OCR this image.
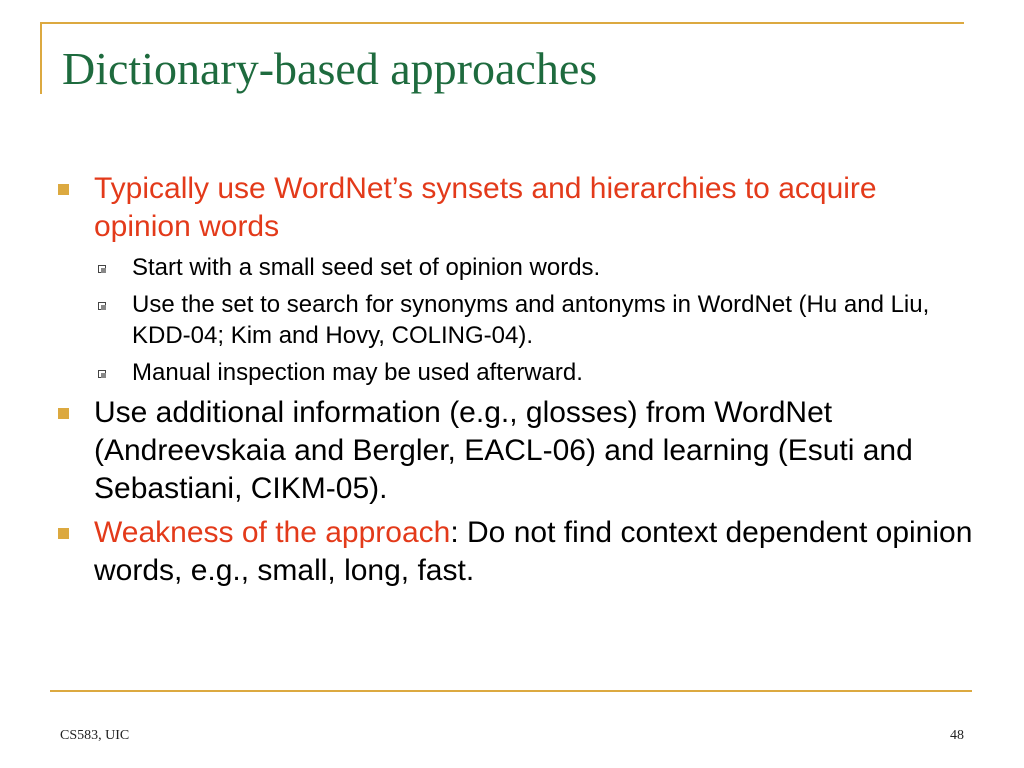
Dictionary-based approaches
Typically use WordNet’s synsets and hierarchies to acquire opinion words
Start with a small seed set of opinion words.
Use the set to search for synonyms and antonyms in WordNet (Hu and Liu, KDD-04; Kim and Hovy, COLING-04).
Manual inspection may be used afterward.
Use additional information (e.g., glosses) from WordNet (Andreevskaia and Bergler, EACL-06) and learning (Esuti and Sebastiani, CIKM-05).
Weakness of the approach: Do not find context dependent opinion words, e.g., small, long, fast.
CS583, UIC	48
